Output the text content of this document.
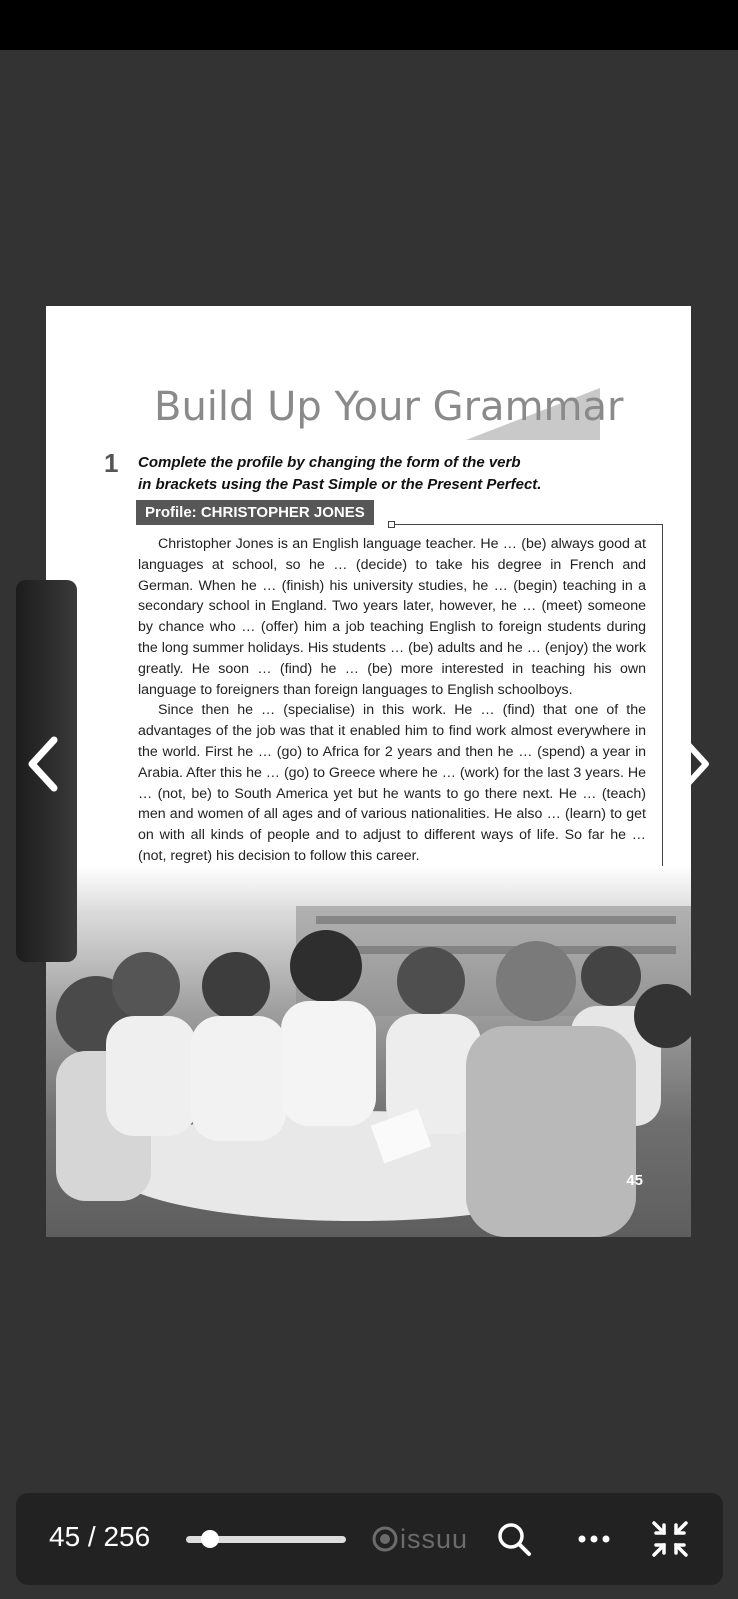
Build Up Your Grammar
1 Complete the profile by changing the form of the verb
in brackets using the Past Simple or the Present Perfect.
Profile: CHRISTOPHER JONES

Christopher Jones is an English language teacher. He … (be) always good at languages at school, so he … (decide) to take his degree in French and German. When he … (finish) his university studies, he … (begin) teaching in a secondary school in England. Two years later, however, he … (meet) someone by chance who … (offer) him a job teaching English to foreign students during the long summer holidays. His students … (be) adults and he … (enjoy) the work greatly. He soon … (find) he … (be) more interested in teaching his own language to foreigners than foreign languages to English schoolboys.

Since then he … (specialise) in this work. He … (find) that one of the advantages of the job was that it enabled him to find work almost everywhere in the world. First he … (go) to Africa for 2 years and then he … (spend) a year in Arabia. After this he … (go) to Greece where he … (work) for the last 3 years. He … (not, be) to South America yet but he wants to go there next. He … (teach) men and women of all ages and of various nationalities. He also … (learn) to get on with all kinds of people and to adjust to different ways of life. So far he … (not, regret) his decision to follow this career.

45
45 / 256	issuu
